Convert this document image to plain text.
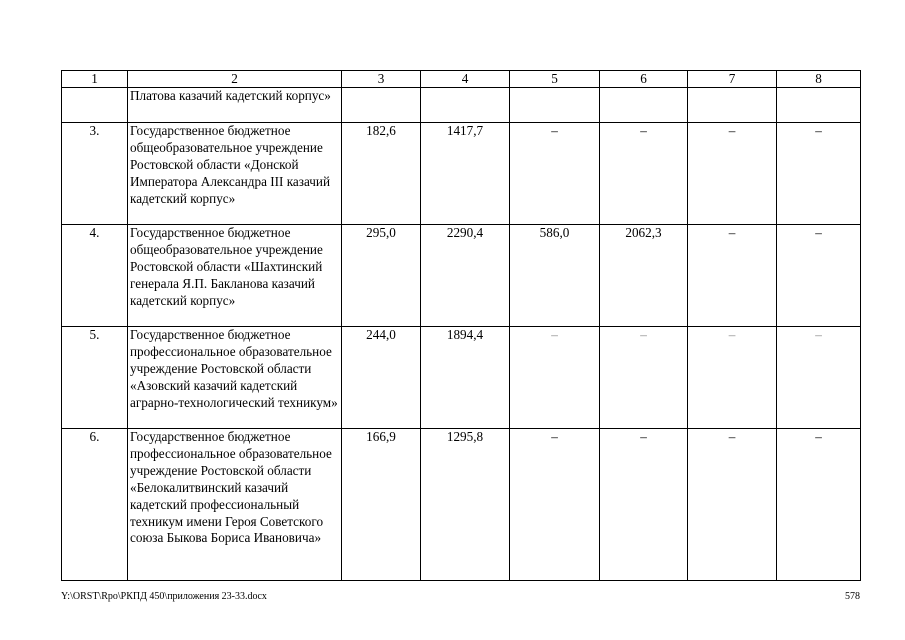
1	2	3	4	5	6	7	8
	Платова казачий кадетский корпус»						
3.	Государственное бюджетное общеобразовательное учреждение Ростовской области «Донской Императора Александра III казачий кадетский корпус»	182,6	1417,7	–	–	–	–
4.	Государственное бюджетное общеобразовательное учреждение Ростовской области «Шахтинский генерала Я.П. Бакланова казачий кадетский корпус»	295,0	2290,4	586,0	2062,3	–	–
5.	Государственное бюджетное профессиональное образовательное учреждение Ростовской области «Азовский казачий кадетский аграрно-технологический техникум»	244,0	1894,4	–	–	–	–
6.	Государственное бюджетное профессиональное образовательное учреждение Ростовской области «Белокалитвинский казачий кадетский профессиональный техникум имени Героя Советского союза Быкова Бориса Ивановича»	166,9	1295,8	–	–	–	–
Y:\ORST\Rpo\РКПД 450\приложения 23-33.docx	578
